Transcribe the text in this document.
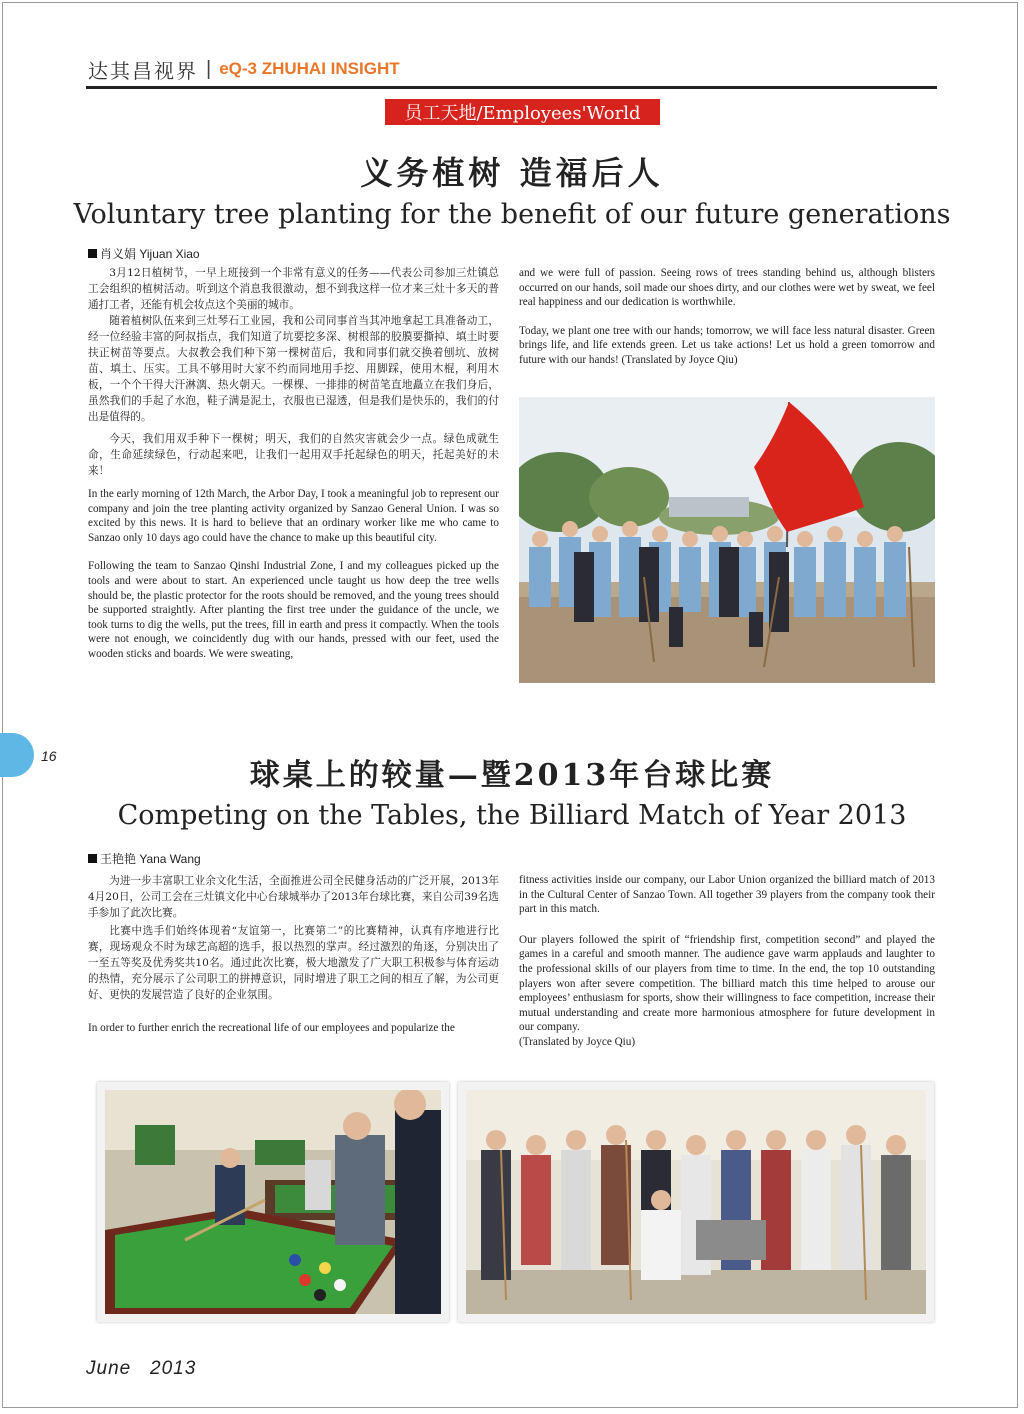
达其昌视界 | eQ-3 ZHUHAI INSIGHT
员工天地/Employees'World
义务植树 造福后人
Voluntary tree planting for the benefit of our future generations
肖义娟 Yijuan Xiao

3月12日植树节，一早上班接到一个非常有意义的任务——代表公司参加三灶镇总工会组织的植树活动。听到这个消息我很激动，想不到我这样一位才来三灶十多天的普通打工者，还能有机会妆点这个美丽的城市。

随着植树队伍来到三灶琴石工业园，我和公司同事首当其冲地拿起工具准备动工，经一位经验丰富的阿叔指点，我们知道了坑要挖多深、树根部的胶膜要撕掉、填土时要扶正树苗等要点。大叔教会我们种下第一棵树苗后，我和同事们就交换着刨坑、放树苗、填土、压实。工具不够用时大家不约而同地用手挖、用脚踩，使用木棍，利用木板，一个个干得大汗淋漓、热火朝天。一棵棵、一排排的树苗笔直地矗立在我们身后，虽然我们的手起了水泡，鞋子满是泥土，衣服也已湿透，但是我们是快乐的，我们的付出是值得的。

今天，我们用双手种下一棵树；明天，我们的自然灾害就会少一点。绿色成就生命，生命延续绿色，行动起来吧，让我们一起用双手托起绿色的明天，托起美好的未来！

In the early morning of 12th March, the Arbor Day, I took a meaningful job to represent our company and join the tree planting activity organized by Sanzao General Union. I was so excited by this news. It is hard to believe that an ordinary worker like me who came to Sanzao only 10 days ago could have the chance to make up this beautiful city.

Following the team to Sanzao Qinshi Industrial Zone, I and my colleagues picked up the tools and were about to start. An experienced uncle taught us how deep the tree wells should be, the plastic protector for the roots should be removed, and the young trees should be supported straightly. After planting the first tree under the guidance of the uncle, we took turns to dig the wells, put the trees, fill in earth and press it compactly. When the tools were not enough, we coincidently dug with our hands, pressed with our feet, used the wooden sticks and boards. We were sweating,

and we were full of passion. Seeing rows of trees standing behind us, although blisters occurred on our hands, soil made our shoes dirty, and our clothes were wet by sweat, we feel real happiness and our dedication is worthwhile.

Today, we plant one tree with our hands; tomorrow, we will face less natural disaster. Green brings life, and life extends green. Let us take actions! Let us hold a green tomorrow and future with our hands! (Translated by Joyce Qiu)

16
球桌上的较量—暨2013年台球比赛
Competing on the Tables, the Billiard Match of Year 2013
王艳艳 Yana Wang

为进一步丰富职工业余文化生活，全面推进公司全民健身活动的广泛开展，2013年4月20日，公司工会在三灶镇文化中心台球城举办了2013年台球比赛，来自公司39名选手参加了此次比赛。

比赛中选手们始终体现着“友谊第一，比赛第二”的比赛精神，认真有序地进行比赛，现场观众不时为球艺高超的选手，报以热烈的掌声。经过激烈的角逐，分别决出了一至五等奖及优秀奖共10名。通过此次比赛，极大地激发了广大职工积极参与体育运动的热情，充分展示了公司职工的拼搏意识，同时增进了职工之间的相互了解，为公司更好、更快的发展营造了良好的企业氛围。

In order to further enrich the recreational life of our employees and popularize the

fitness activities inside our company, our Labor Union organized the billiard match of 2013 in the Cultural Center of Sanzao Town. All together 39 players from the company took their part in this match.

Our players followed the spirit of “friendship first, competition second” and played the games in a careful and smooth manner. The audience gave warm applauds and laughter to the professional skills of our players from time to time. In the end, the top 10 outstanding players won after severe competition. The billiard match this time helped to arouse our employees’ enthusiasm for sports, show their willingness to face competition, increase their mutual understanding and create more harmonious atmosphere for future development in our company.

(Translated by Joyce Qiu)

June   2013
